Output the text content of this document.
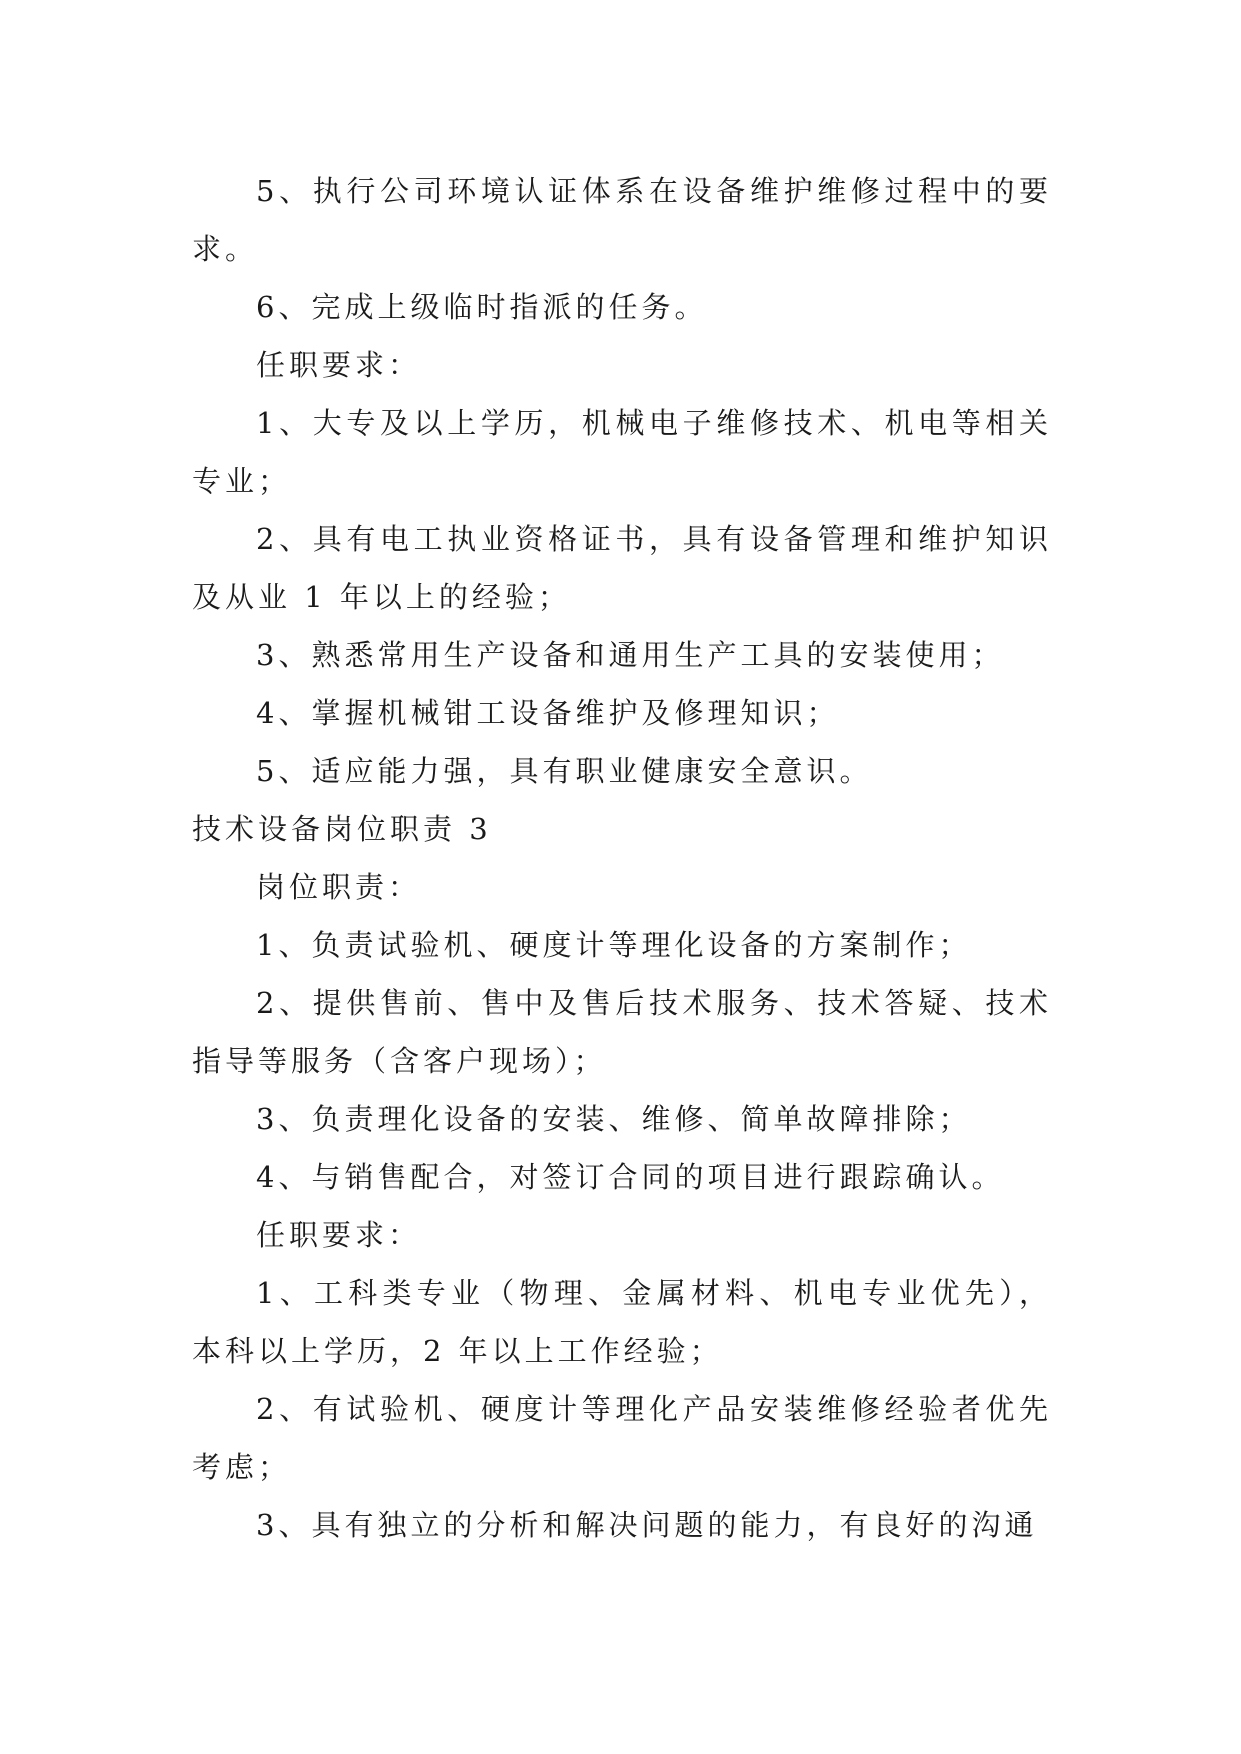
5、执行公司环境认证体系在设备维护维修过程中的要求。

6、完成上级临时指派的任务。

任职要求：

1、大专及以上学历，机械电子维修技术、机电等相关专业；

2、具有电工执业资格证书，具有设备管理和维护知识及从业 1 年以上的经验；

3、熟悉常用生产设备和通用生产工具的安装使用；

4、掌握机械钳工设备维护及修理知识；

5、适应能力强，具有职业健康安全意识。

技术设备岗位职责 3

岗位职责：

1、负责试验机、硬度计等理化设备的方案制作；

2、提供售前、售中及售后技术服务、技术答疑、技术指导等服务（含客户现场）；

3、负责理化设备的安装、维修、简单故障排除；

4、与销售配合，对签订合同的项目进行跟踪确认。

任职要求：

1、工科类专业（物理、金属材料、机电专业优先），本科以上学历，2 年以上工作经验；

2、有试验机、硬度计等理化产品安装维修经验者优先考虑；

3、具有独立的分析和解决问题的能力，有良好的沟通
